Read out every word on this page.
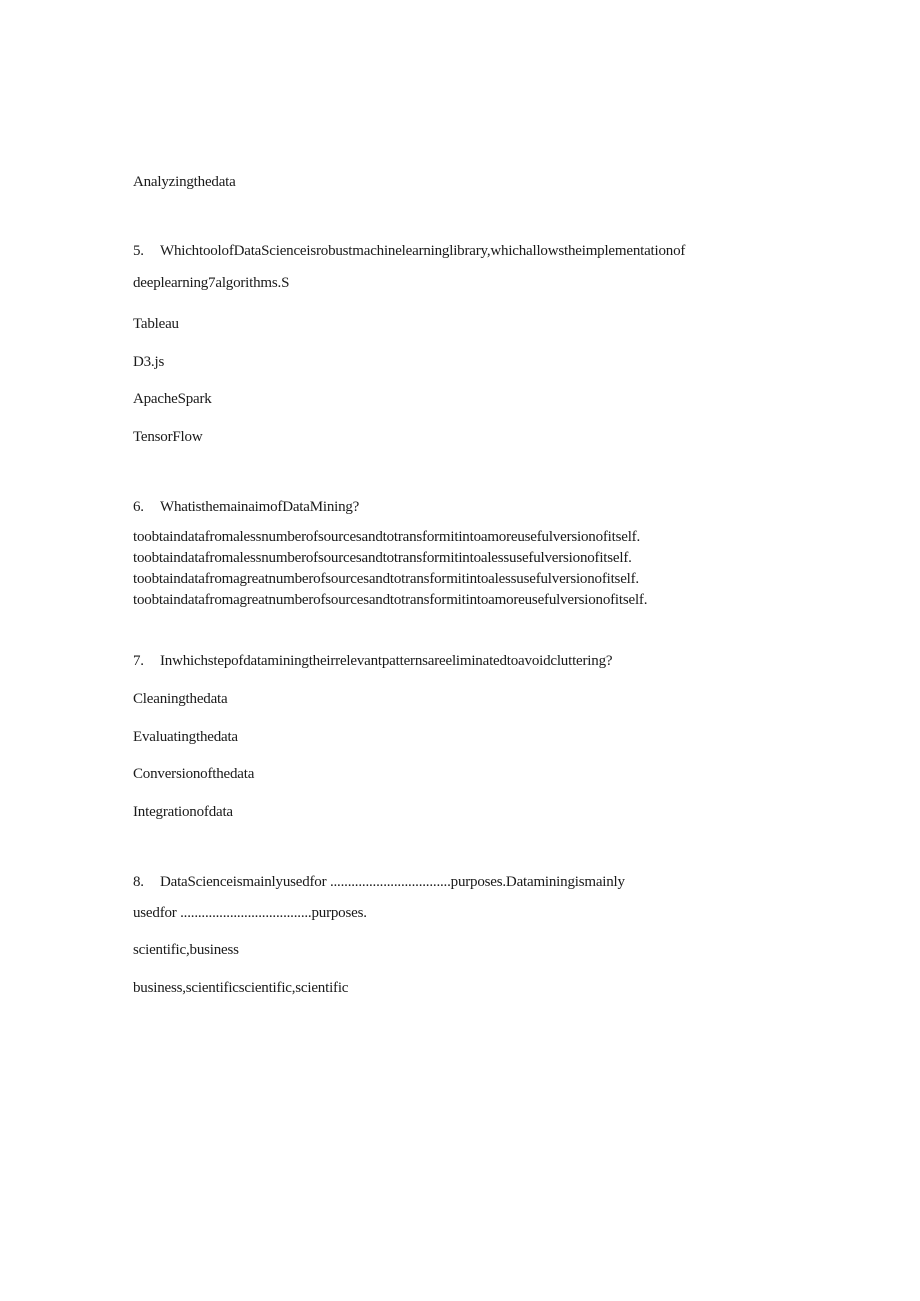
Analyzingthedata
5. WhichtoolofDataScienceisrobustmachinelearninglibrary,whichallowstheimplementationof
deeplearning7algorithms.S
Tableau
D3.js
ApacheSpark
TensorFlow
6. WhatisthemainaimofDataMining?
toobtaindatafromalessnumberofsourcesandtotransformitintoamoreusefulversionofitself.
toobtaindatafromalessnumberofsourcesandtotransformitintoalessusefulversionofitself.
toobtaindatafromagreatnumberofsourcesandtotransformitintoalessusefulversionofitself.
toobtaindatafromagreatnumberofsourcesandtotransformitintoamoreusefulversionofitself.
7. Inwhichstepofdataminingtheirrelevantpatternsareeliminatedtoavoidcluttering?
Cleaningthedata
Evaluatingthedata
Conversionofthedata
Integrationofdata
8. DataScienceismainlyusedfor ..................................purposes.Dataminingismainly
usedfor .....................................purposes.
scientific,business
business,scientificscientific,scientific
